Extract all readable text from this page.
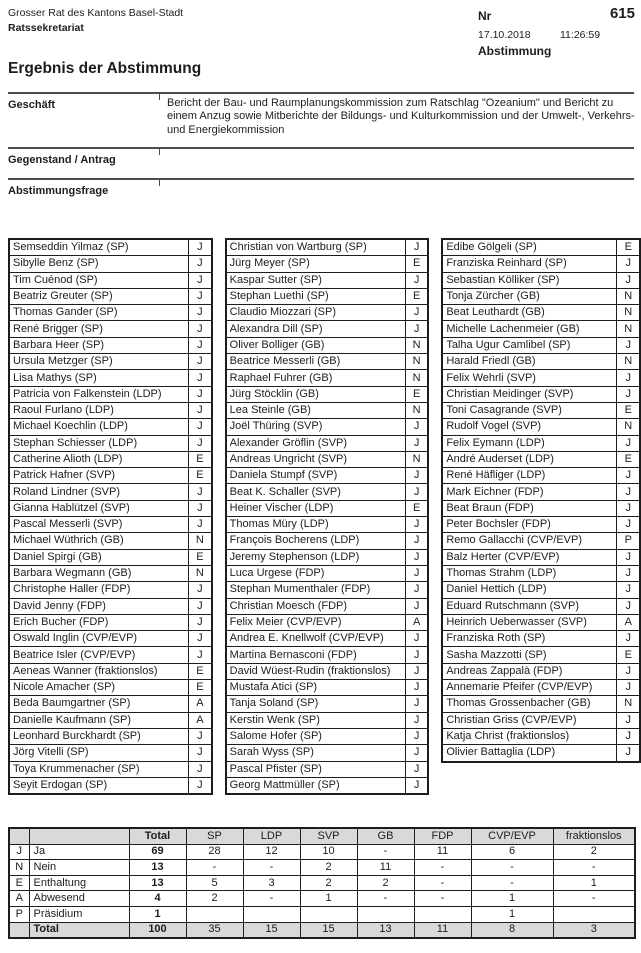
Grosser Rat des Kantons Basel-Stadt
Ratssekretariat
Nr	615
17.10.2018	11:26:59
Abstimmung
Ergebnis der Abstimmung
Geschäft	Bericht der Bau- und Raumplanungskommission zum Ratschlag "Ozeanium" und Bericht zu einem Anzug sowie Mitberichte der Bildungs- und Kulturkommission und der Umwelt-, Verkehrs- und Energiekommission
Gegenstand / Antrag
Abstimmungsfrage
Semseddin Yilmaz (SP)	J
Sibylle Benz (SP)	J
Tim Cuénod (SP)	J
Beatriz Greuter (SP)	J
Thomas Gander (SP)	J
René Brigger (SP)	J
Barbara Heer (SP)	J
Ursula Metzger (SP)	J
Lisa Mathys (SP)	J
Patricia von Falkenstein (LDP)	J
Raoul Furlano (LDP)	J
Michael Koechlin (LDP)	J
Stephan Schiesser (LDP)	J
Catherine Alioth (LDP)	E
Patrick Hafner (SVP)	E
Roland Lindner (SVP)	J
Gianna Hablützel (SVP)	J
Pascal Messerli (SVP)	J
Michael Wüthrich (GB)	N
Daniel Spirgi (GB)	E
Barbara Wegmann (GB)	N
Christophe Haller (FDP)	J
David Jenny (FDP)	J
Erich Bucher (FDP)	J
Oswald Inglin (CVP/EVP)	J
Beatrice Isler (CVP/EVP)	J
Aeneas Wanner (fraktionslos)	E
Nicole Amacher (SP)	E
Beda Baumgartner (SP)	A
Danielle Kaufmann (SP)	A
Leonhard Burckhardt (SP)	J
Jörg Vitelli (SP)	J
Toya Krummenacher (SP)	J
Seyit Erdogan (SP)	J
Christian von Wartburg (SP)	J
Jürg Meyer (SP)	E
Kaspar Sutter (SP)	J
Stephan Luethi (SP)	E
Claudio Miozzari (SP)	J
Alexandra Dill (SP)	J
Oliver Bolliger (GB)	N
Beatrice Messerli (GB)	N
Raphael Fuhrer (GB)	N
Jürg Stöcklin (GB)	E
Lea Steinle (GB)	N
Joël Thüring (SVP)	J
Alexander Gröflin (SVP)	J
Andreas Ungricht (SVP)	N
Daniela Stumpf (SVP)	J
Beat K. Schaller (SVP)	J
Heiner Vischer (LDP)	E
Thomas Müry (LDP)	J
François Bocherens (LDP)	J
Jeremy Stephenson (LDP)	J
Luca Urgese (FDP)	J
Stephan Mumenthaler (FDP)	J
Christian Moesch (FDP)	J
Felix Meier (CVP/EVP)	A
Andrea E. Knellwolf (CVP/EVP)	J
Martina Bernasconi (FDP)	J
David Wüest-Rudin (fraktionslos)	J
Mustafa Atici (SP)	J
Tanja Soland (SP)	J
Kerstin Wenk (SP)	J
Salome Hofer (SP)	J
Sarah Wyss (SP)	J
Pascal Pfister (SP)	J
Georg Mattmüller (SP)	J
Edibe Gölgeli (SP)	E
Franziska Reinhard (SP)	J
Sebastian Kölliker (SP)	J
Tonja Zürcher (GB)	N
Beat Leuthardt (GB)	N
Michelle Lachenmeier (GB)	N
Talha Ugur Camlibel (SP)	J
Harald Friedl (GB)	N
Felix Wehrli (SVP)	J
Christian Meidinger (SVP)	J
Toni Casagrande (SVP)	E
Rudolf Vogel (SVP)	N
Felix Eymann (LDP)	J
André Auderset (LDP)	E
René Häfliger (LDP)	J
Mark Eichner (FDP)	J
Beat Braun (FDP)	J
Peter Bochsler (FDP)	J
Remo Gallacchi (CVP/EVP)	P
Balz Herter (CVP/EVP)	J
Thomas Strahm (LDP)	J
Daniel Hettich (LDP)	J
Eduard Rutschmann (SVP)	J
Heinrich Ueberwasser (SVP)	A
Franziska Roth (SP)	J
Sasha Mazzotti (SP)	E
Andreas Zappalà (FDP)	J
Annemarie Pfeifer (CVP/EVP)	J
Thomas Grossenbacher (GB)	N
Christian Griss (CVP/EVP)	J
Katja Christ (fraktionslos)	J
Olivier Battaglia (LDP)	J
		Total	SP	LDP	SVP	GB	FDP	CVP/EVP	fraktionslos
J	Ja	69	28	12	10	-	11	6	2
N	Nein	13	-	-	2	11	-	-	-
E	Enthaltung	13	5	3	2	2	-	-	1
A	Abwesend	4	2	-	1	-	-	1	-
P	Präsidium	1						1	
	Total	100	35	15	15	13	11	8	3
